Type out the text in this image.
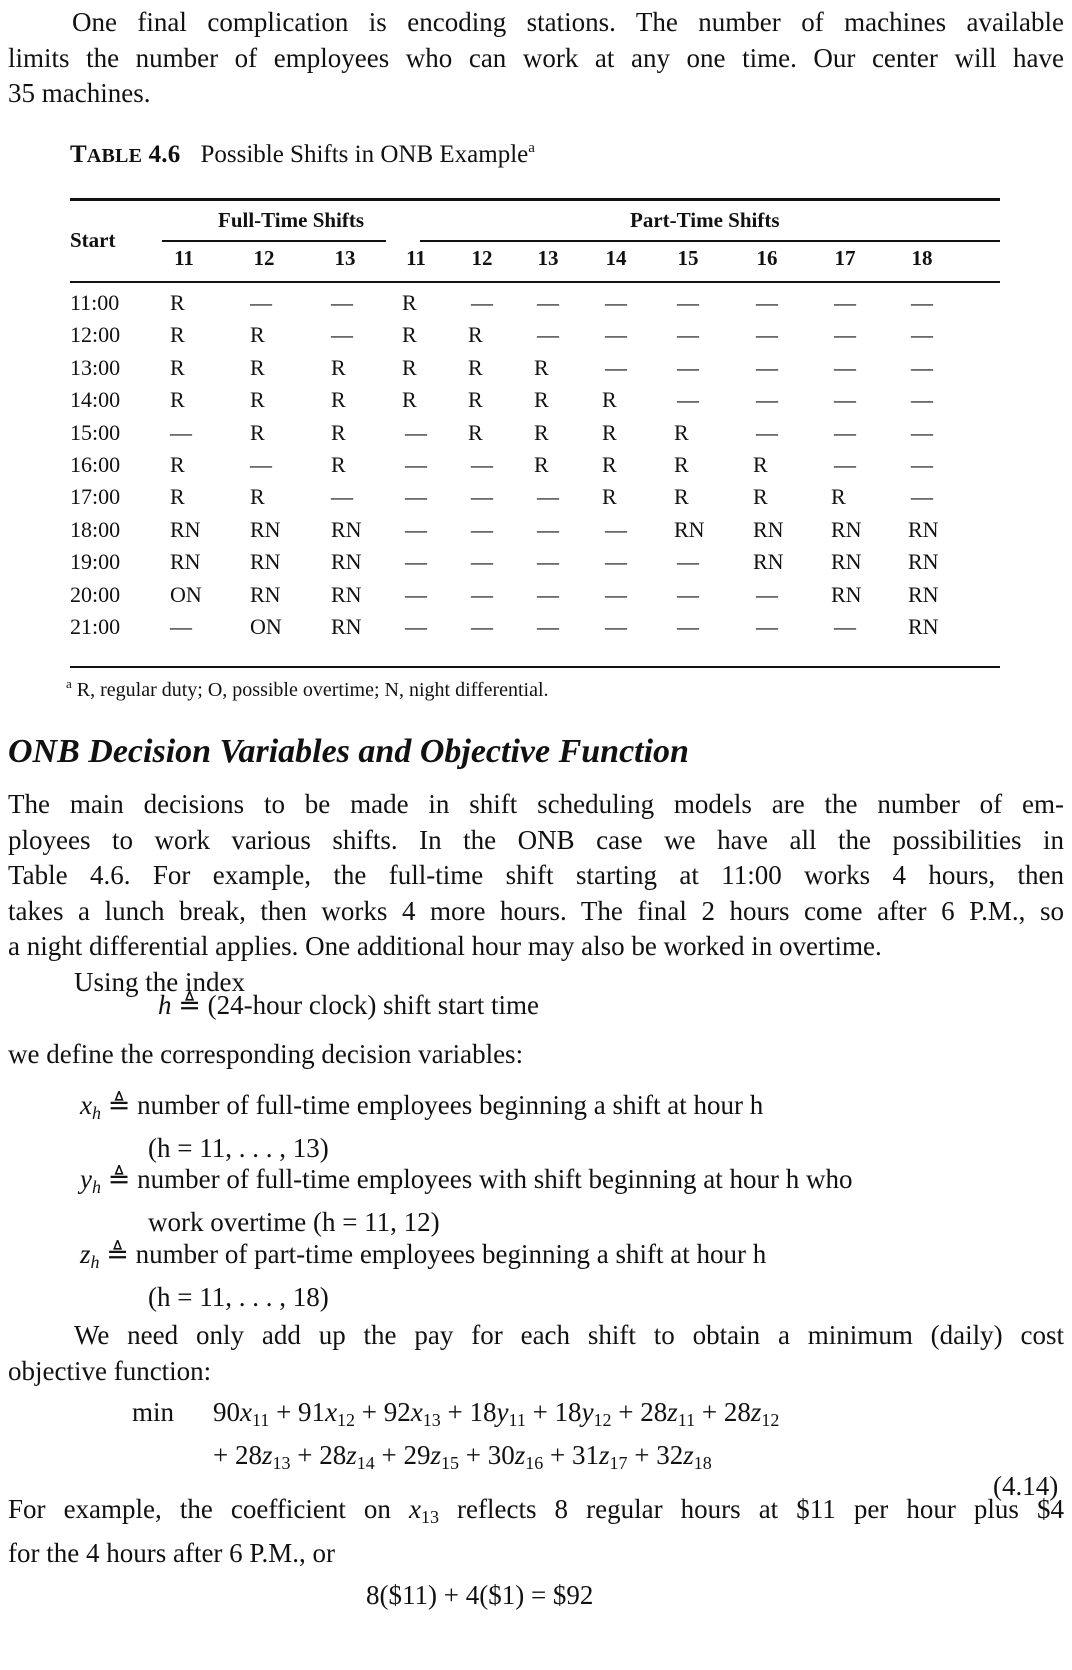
One final complication is encoding stations. The number of machines available
limits the number of employees who can work at any one time. Our center will have
35 machines.
TABLE 4.6 Possible Shifts in ONB Example$^a$
Start
Full-Time Shifts	Part-Time Shifts
11	12	13 11 12 13 14 15	16	17	18
11:00 R	—	— R — — — —	—	—	—
12:00 R	R	— R R — — —	—	—	—
13:00 R	R	R	R R R	— —	—	—	—
14:00 R	R	R	R R R R	—	—	—	—
15:00 —	R	R	— R R R	R	—	—	—
16:00 R	—	R	— — R R	R	R	—	—
17:00 R	R	— — — — R	R	R	R	—
18:00 RN RN RN — — — — RN RN RN RN
19:00 RN RN RN — — — — — RN RN RN
20:00 ON RN RN — — — — —	— RN RN
21:00 —	ON RN — — — — —	—	— RN
$^a$ R, regular duty; O, possible overtime; N, night differential.
ONB Decision Variables and Objective Function
The main decisions to be made in shift scheduling models are the number of em-
ployees to work various shifts. In the ONB case we have all the possibilities in
Table 4.6. For example, the full-time shift starting at 11:00 works 4 hours, then
takes a lunch break, then works 4 more hours. The final 2 hours come after 6 P.M., so
a night differential applies. One additional hour may also be worked in overtime.
Using the index
h ≜ (24-hour clock) shift start time
we define the corresponding decision variables:
$x_h$ ≜ number of full-time employees beginning a shift at hour h
(h = 11, . . . , 13)
$y_h$ ≜ number of full-time employees with shift beginning at hour h who
work overtime (h = 11, 12)
$z_h$ ≜ number of part-time employees beginning a shift at hour h
(h = 11, . . . , 18)
We need only add up the pay for each shift to obtain a minimum (daily) cost
objective function:
$\min 90x_{11} + 91x_{12} + 92x_{13} + 18y_{11} + 18y_{12} + 28z_{11} + 28z_{12}$
+ $28z_{13} + 28z_{14} + 29z_{15} + 30z_{16} + 31z_{17} + 32z_{18}$
(4.14)
For example, the coefficient on $x_{13}$ reflects 8 regular hours at $11 per hour plus $4
for the 4 hours after 6 P.M., or
8($11) + 4($1) = $92
